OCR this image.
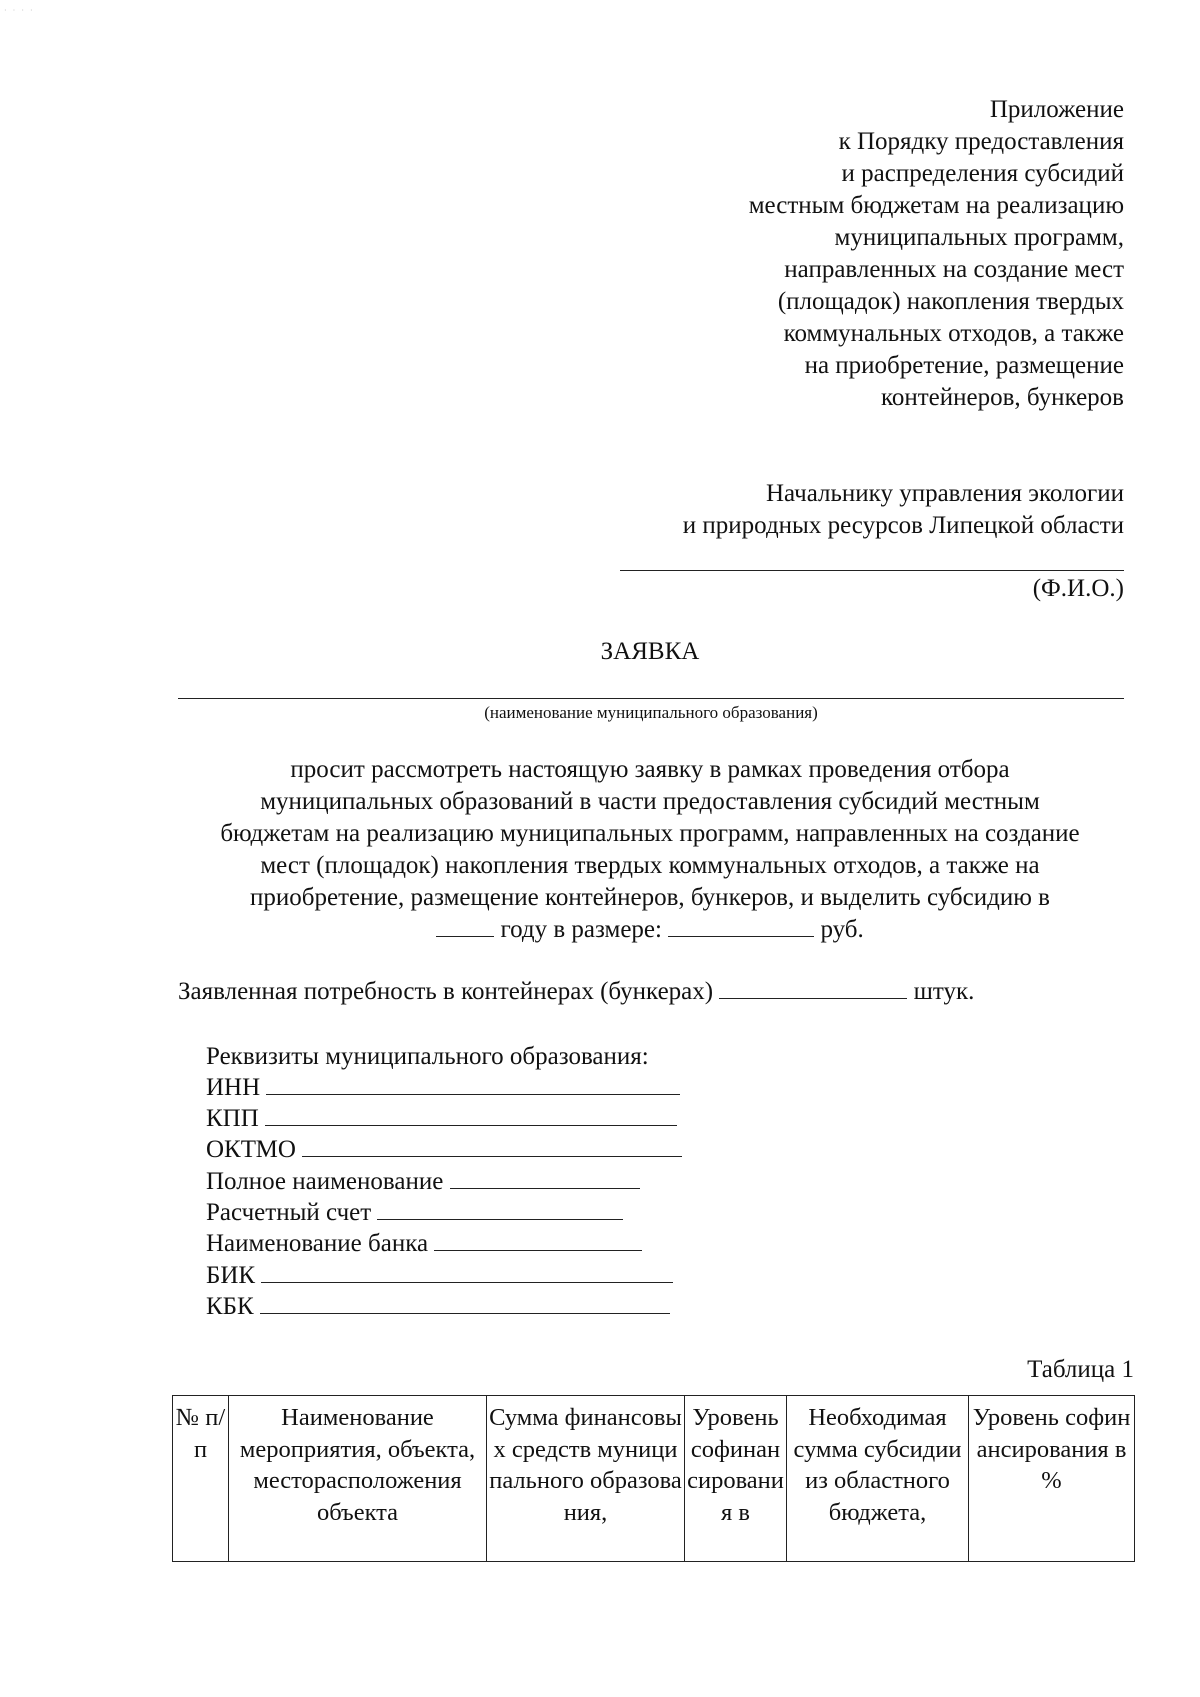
· · · ·
Приложение
к Порядку предоставления
и распределения субсидий
местным бюджетам на реализацию
муниципальных программ,
направленных на создание мест
(площадок) накопления твердых
коммунальных отходов, а также
на приобретение, размещение
контейнеров, бункеров
Начальнику управления экологии
и природных ресурсов Липецкой области
(Ф.И.О.)
ЗАЯВКА
(наименование муниципального образования)
просит рассмотреть настоящую заявку в рамках проведения отбора
муниципальных образований в части предоставления субсидий местным
бюджетам на реализацию муниципальных программ, направленных на создание
мест (площадок) накопления твердых коммунальных отходов, а также на
приобретение, размещение контейнеров, бункеров, и выделить субсидию в
году в размере:	руб.
Заявленная потребность в контейнерах (бункерах)	штук.
Реквизиты муниципального образования:
ИНН
КПП
ОКТМО
Полное наименование
Расчетный счет
Наименование банка
БИК
КБК
Таблица 1
№ п/п	Наименование мероприятия, объекта, месторасположения объекта	Сумма финансовых средств муниципального образования,	Уровень софинансирования в	Необходимая сумма субсидии из областного бюджета,	Уровень софинансирования в %
